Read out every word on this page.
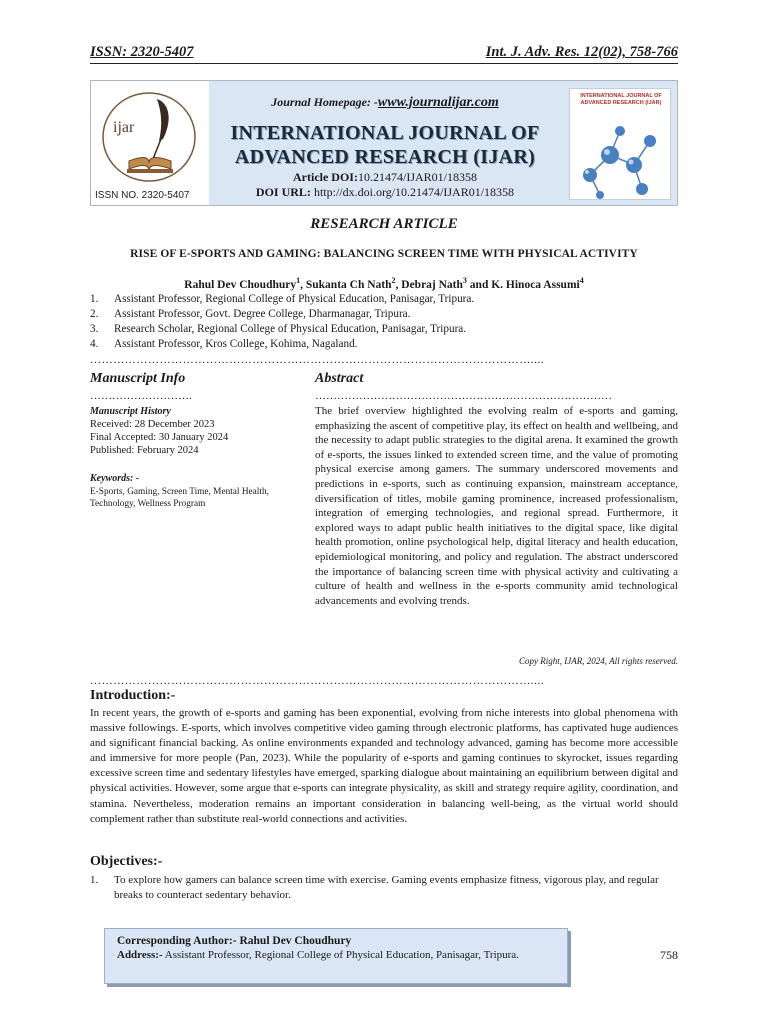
ISSN: 2320-5407	Int. J. Adv. Res. 12(02), 758-766
ijar
ISSN NO. 2320-5407
Journal Homepage: -www.journalijar.com
INTERNATIONAL JOURNAL OF
ADVANCED RESEARCH (IJAR)
Article DOI:10.21474/IJAR01/18358
DOI URL: http://dx.doi.org/10.21474/IJAR01/18358
INTERNATIONAL JOURNAL OF ADVANCED RESEARCH (IJAR)
RESEARCH ARTICLE
RISE OF E-SPORTS AND GAMING: BALANCING SCREEN TIME WITH PHYSICAL ACTIVITY
Rahul Dev Choudhury$^1$, Sukanta Ch Nath$^2$, Debraj Nath$^3$ and K. Hinoca Assumi$^4$
1. Assistant Professor, Regional College of Physical Education, Panisagar, Tripura.
2. Assistant Professor, Govt. Degree College, Dharmanagar, Tripura.
3. Research Scholar, Regional College of Physical Education, Panisagar, Tripura.
4. Assistant Professor, Kros College, Kohima, Nagaland.
……………………………………………………………………………………………………....
Manuscript Info
……………………….
Manuscript History
Received: 28 December 2023
Final Accepted: 30 January 2024
Published: February 2024
Keywords: -
E-Sports, Gaming, Screen Time, Mental Health, Technology, Wellness Program
Abstract
………………………………………………………………………
The brief overview highlighted the evolving realm of e-sports and gaming, emphasizing the ascent of competitive play, its effect on health and wellbeing, and the necessity to adapt public strategies to the digital arena. It examined the growth of e-sports, the issues linked to extended screen time, and the value of promoting physical exercise among gamers. The summary underscored movements and predictions in e-sports, such as continuing expansion, mainstream acceptance, diversification of titles, mobile gaming prominence, increased professionalism, integration of emerging technologies, and regional spread. Furthermore, it explored ways to adapt public health initiatives to the digital space, like digital health promotion, online psychological help, digital literacy and health education, epidemiological monitoring, and policy and regulation. The abstract underscored the importance of balancing screen time with physical activity and cultivating a culture of health and wellness in the e-sports community amid technological advancements and evolving trends.
Copy Right, IJAR, 2024, All rights reserved.
……………………………………………………………………………………………………....
Introduction:-
In recent years, the growth of e-sports and gaming has been exponential, evolving from niche interests into global phenomena with massive followings. E-sports, which involves competitive video gaming through electronic platforms, has captivated huge audiences and significant financial backing. As online environments expanded and technology advanced, gaming has become more accessible and immersive for more people (Pan, 2023). While the popularity of e-sports and gaming continues to skyrocket, issues regarding excessive screen time and sedentary lifestyles have emerged, sparking dialogue about maintaining an equilibrium between digital and physical activities. However, some argue that e-sports can integrate physicality, as skill and strategy require agility, coordination, and stamina. Nevertheless, moderation remains an important consideration in balancing well-being, as the virtual world should complement rather than substitute real-world connections and activities.
Objectives:-
1. To explore how gamers can balance screen time with exercise. Gaming events emphasize fitness, vigorous play, and regular breaks to counteract sedentary behavior.
Corresponding Author:- Rahul Dev Choudhury
Address:- Assistant Professor, Regional College of Physical Education, Panisagar, Tripura.	758
